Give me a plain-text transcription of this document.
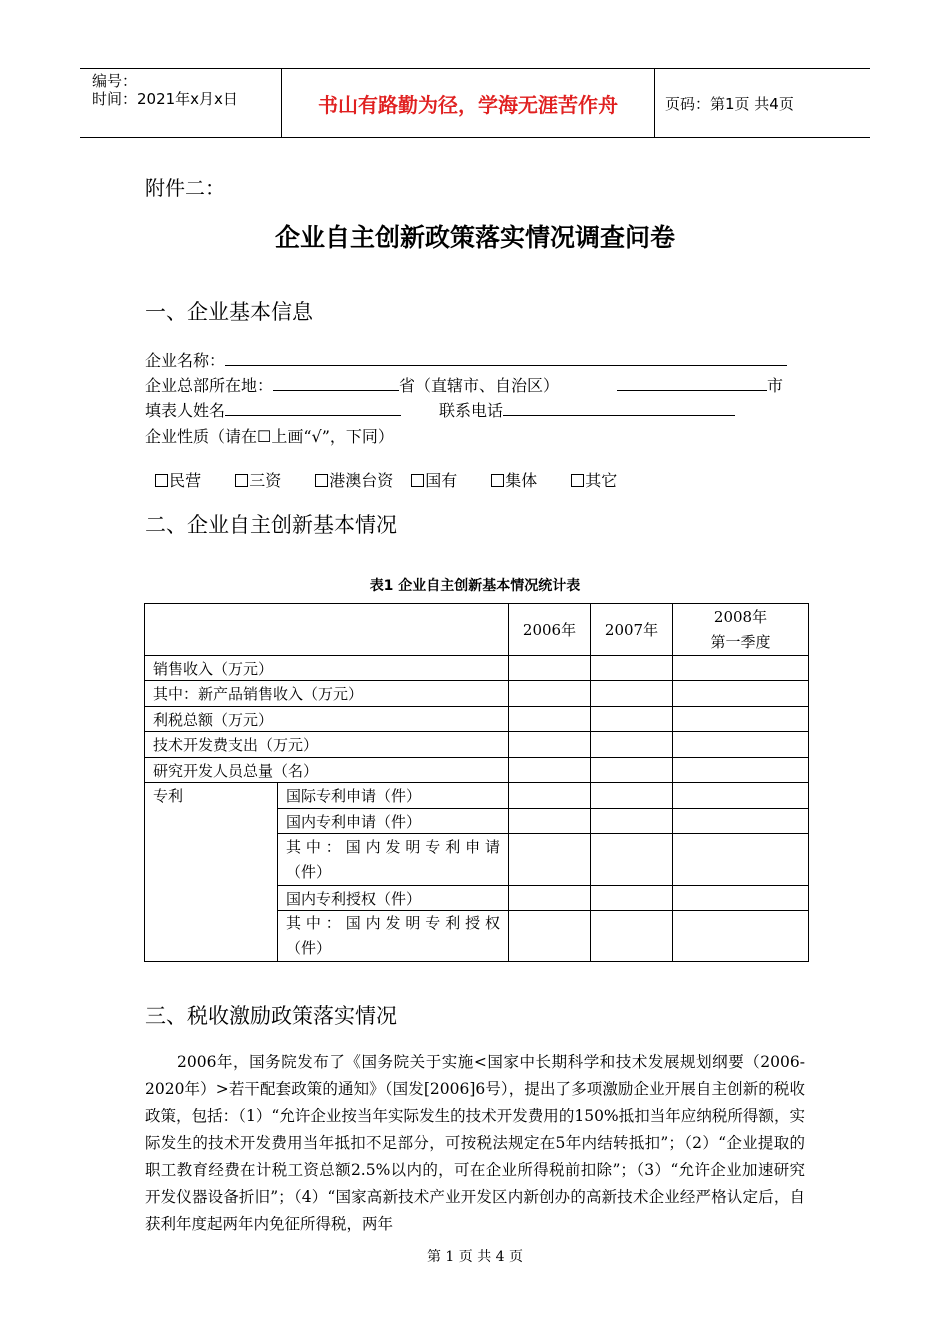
编号：
时间：2021年x月x日	书山有路勤为径，学海无涯苦作舟	页码：第1页 共4页
附件二：
企业自主创新政策落实情况调查问卷
一、企业基本信息
企业名称：
企业总部所在地：	省（直辖市、自治区）	市
填表人姓名	联系电话
企业性质（请在☐上画“√”，下同）

民营	三资	港澳台资 国有	集体	其它

二、企业自主创新基本情况
表1 企业自主创新基本情况统计表
		2006年	2007年	2008年
第一季度

销售收入（万元）				
其中：新产品销售收入（万元）				
利税总额（万元）				
技术开发费支出（万元）				
研究开发人员总量（名）				
专利	国际专利申请（件）			
	国内专利申请（件）			

	其中：国内发明专利申请
（件）			

	国内专利授权（件）			

	其中：国内发明专利授权
（件）			

三、税收激励政策落实情况
2006年，国务院发布了《国务院关于实施<国家中长期科学和技术发展规划纲要（2006-2020年）>若干配套政策的通知》（国发[2006]6号），提出了多项激励企业开展自主创新的税收政策，包括：（1）“允许企业按当年实际发生的技术开发费用的150%抵扣当年应纳税所得额，实际发生的技术开发费用当年抵扣不足部分，可按税法规定在5年内结转抵扣”；（2）“企业提取的职工教育经费在计税工资总额2.5%以内的，可在企业所得税前扣除”；（3）“允许企业加速研究开发仪器设备折旧”；（4）“国家高新技术产业开发区内新创办的高新技术企业经严格认定后，自获利年度起两年内免征所得税，两年
第 1 页 共 4 页
